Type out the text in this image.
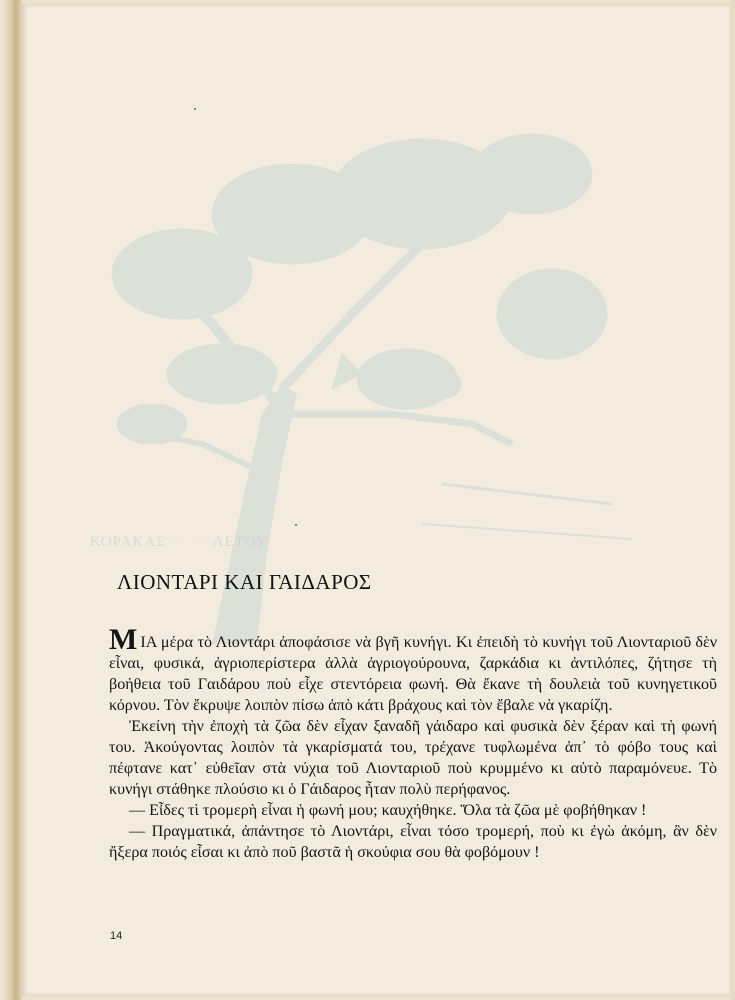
ΚΟΡΑΚΑΣ · · · · ΑΕΤΟΥ
ΛΙΟΝΤΑΡΙ ΚΑΙ ΓΑΙΔΑΡΟΣ

ΜΙΑ μέρα τὸ Λιοντάρι ἀποφάσισε νὰ βγῆ κυνήγι. Κι ἐπειδὴ τὸ κυνήγι τοῦ Λιονταριοῦ δὲν εἶναι, φυσικά, ἀγριοπερίστερα ἀλλὰ ἀγριογούρουνα, ζαρκάδια κι ἀντιλόπες, ζήτησε τὴ βοήθεια τοῦ Γαιδάρου ποὺ εἶχε στεντόρεια φωνή. Θὰ ἔκανε τὴ δουλειὰ τοῦ κυνηγετικοῦ κόρνου. Τὸν ἔκρυψε λοιπὸν πίσω ἀπὸ κάτι βράχους καὶ τὸν ἔβαλε νὰ γκαρίζη.

Ἐκείνη τὴν ἐποχὴ τὰ ζῶα δὲν εἶχαν ξαναδῆ γάιδαρο καὶ φυσικὰ δὲν ξέραν καὶ τὴ φωνή του. Ἀκούγοντας λοιπὸν τὰ γκαρίσματά του, τρέχανε τυφλωμένα ἀπ᾿ τὸ φόβο τους καὶ πέφτανε κατ᾿ εὐθεῖαν στὰ νύχια τοῦ Λιονταριοῦ ποὺ κρυμμένο κι αὐτὸ παραμόνευε. Τὸ κυνήγι στάθηκε πλούσιο κι ὁ Γάιδαρος ἦταν πολὺ περήφανος.

— Εἶδες τὶ τρομερὴ εἶναι ἡ φωνή μου; καυχήθηκε. Ὅλα τὰ ζῶα μὲ φοβήθηκαν !

— Πραγματικά, ἀπάντησε τὸ Λιοντάρι, εἶναι τόσο τρομερή, ποὺ κι ἐγὼ ἀκόμη, ἂν δὲν ἤξερα ποιός εἶσαι κι ἀπὸ ποῦ βαστᾶ ἡ σκούφια σου θὰ φοβόμουν !

14
